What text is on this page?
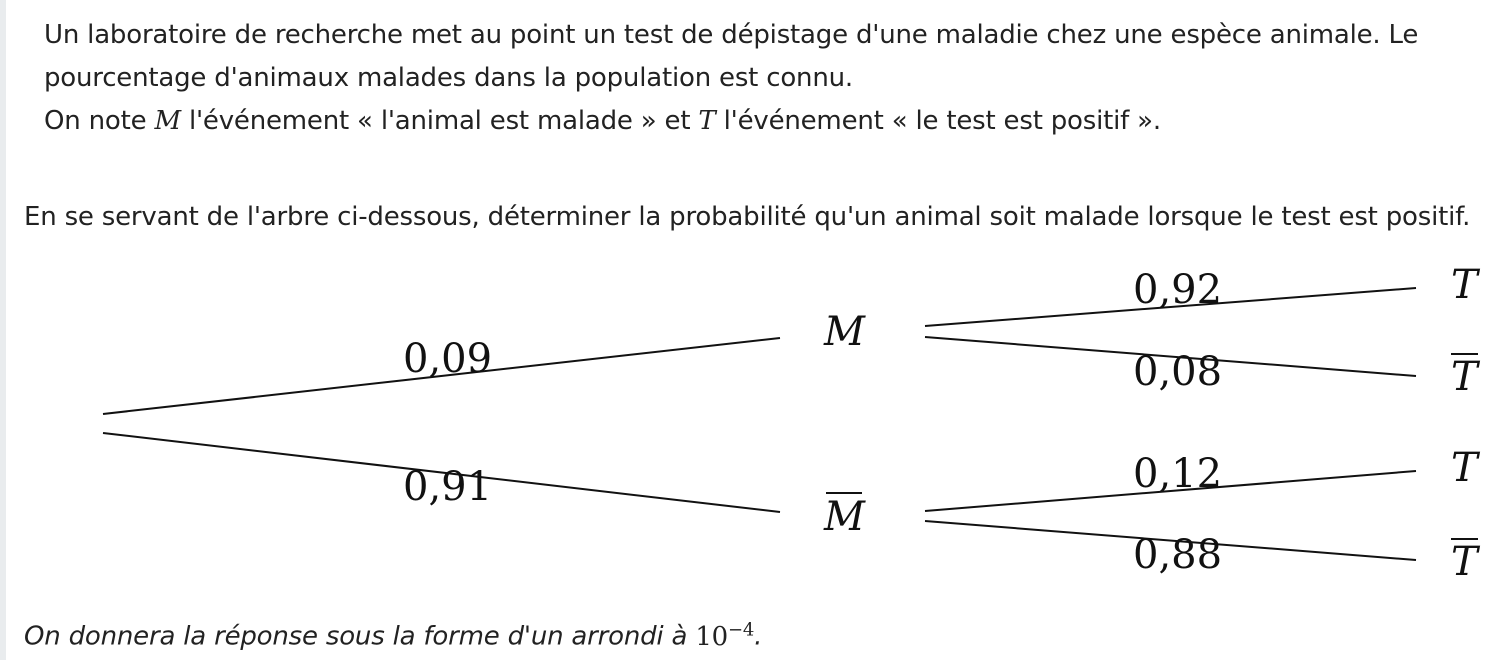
Un laboratoire de recherche met au point un test de dépistage d'une maladie chez une espèce animale. Le

pourcentage d'animaux malades dans la population est connu.

On note M l'événement « l'animal est malade » et T l'événement « le test est positif ».

En se servant de l'arbre ci-dessous, déterminer la probabilité qu'un animal soit malade lorsque le test est positif.
0,09
0,91
0,92
0,08
0,12
0,88
M
M
T
T
T
T
On donnera la réponse sous la forme d'un arrondi à $10^{-4}$.
